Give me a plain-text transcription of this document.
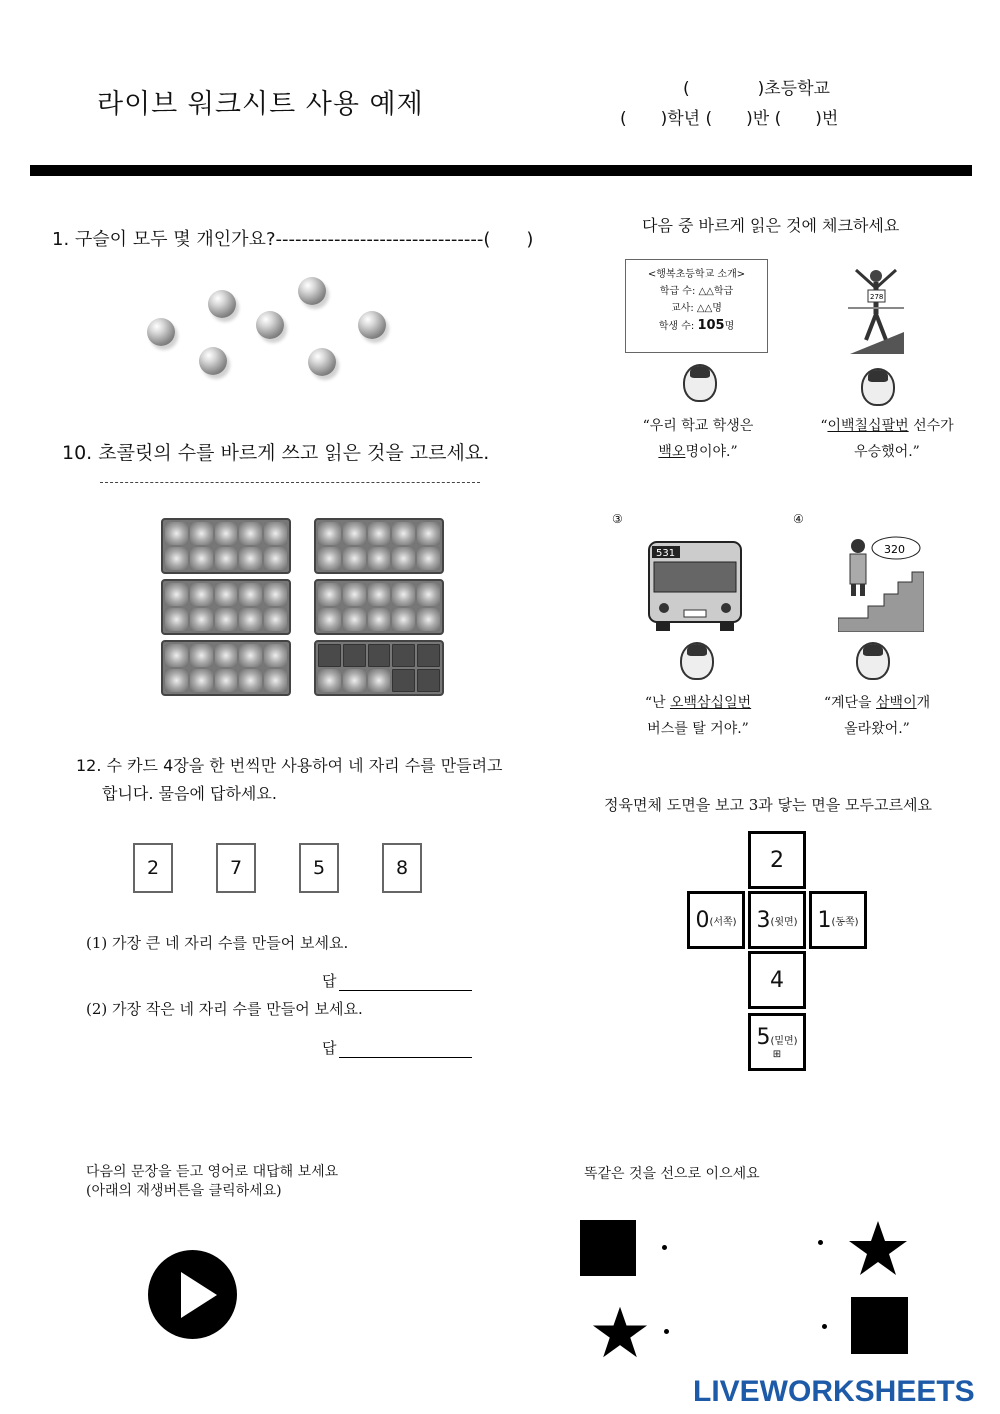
라이브 워크시트 사용 예제	(　　　　)초등학교
(　　)학년 (　　)반 (　　)번
1. 구슬이 모두 몇 개인가요?--------------------------------(　　)
10. 초콜릿의 수를 바르게 쓰고 읽은 것을 고르세요.
12. 수 카드 4장을 한 번씩만 사용하여 네 자리 수를 만들려고
합니다. 물음에 답하세요.
2	7	5	8
(1) 가장 큰 네 자리 수를 만들어 보세요.
답
(2) 가장 작은 네 자리 수를 만들어 보세요.
답
다음 중 바르게 읽은 것에 체크하세요
<행복초등학교 소개>
학급 수: △△학급
교사: △△명
학생 수: 105명
278
“우리 학교 학생은
백오명이야.”
“이백칠십팔번 선수가
우승했어.”
③	④
531	320
“난 오백삼십일번
버스를 탈 거야.”
“계단을 삼백이개
올라왔어.”
정육면체 도면을 보고 3과 닿는 면을 모두고르세요
2
0 (서쪽) 3 (윗면) 1 (동쪽)
4
5(밑면)
⊞
다음의 문장을 듣고 영어로 대답해 보세요
(아래의 재생버튼을 클릭하세요)
똑같은 것을 선으로 이으세요
LIVEWORKSHEETS
